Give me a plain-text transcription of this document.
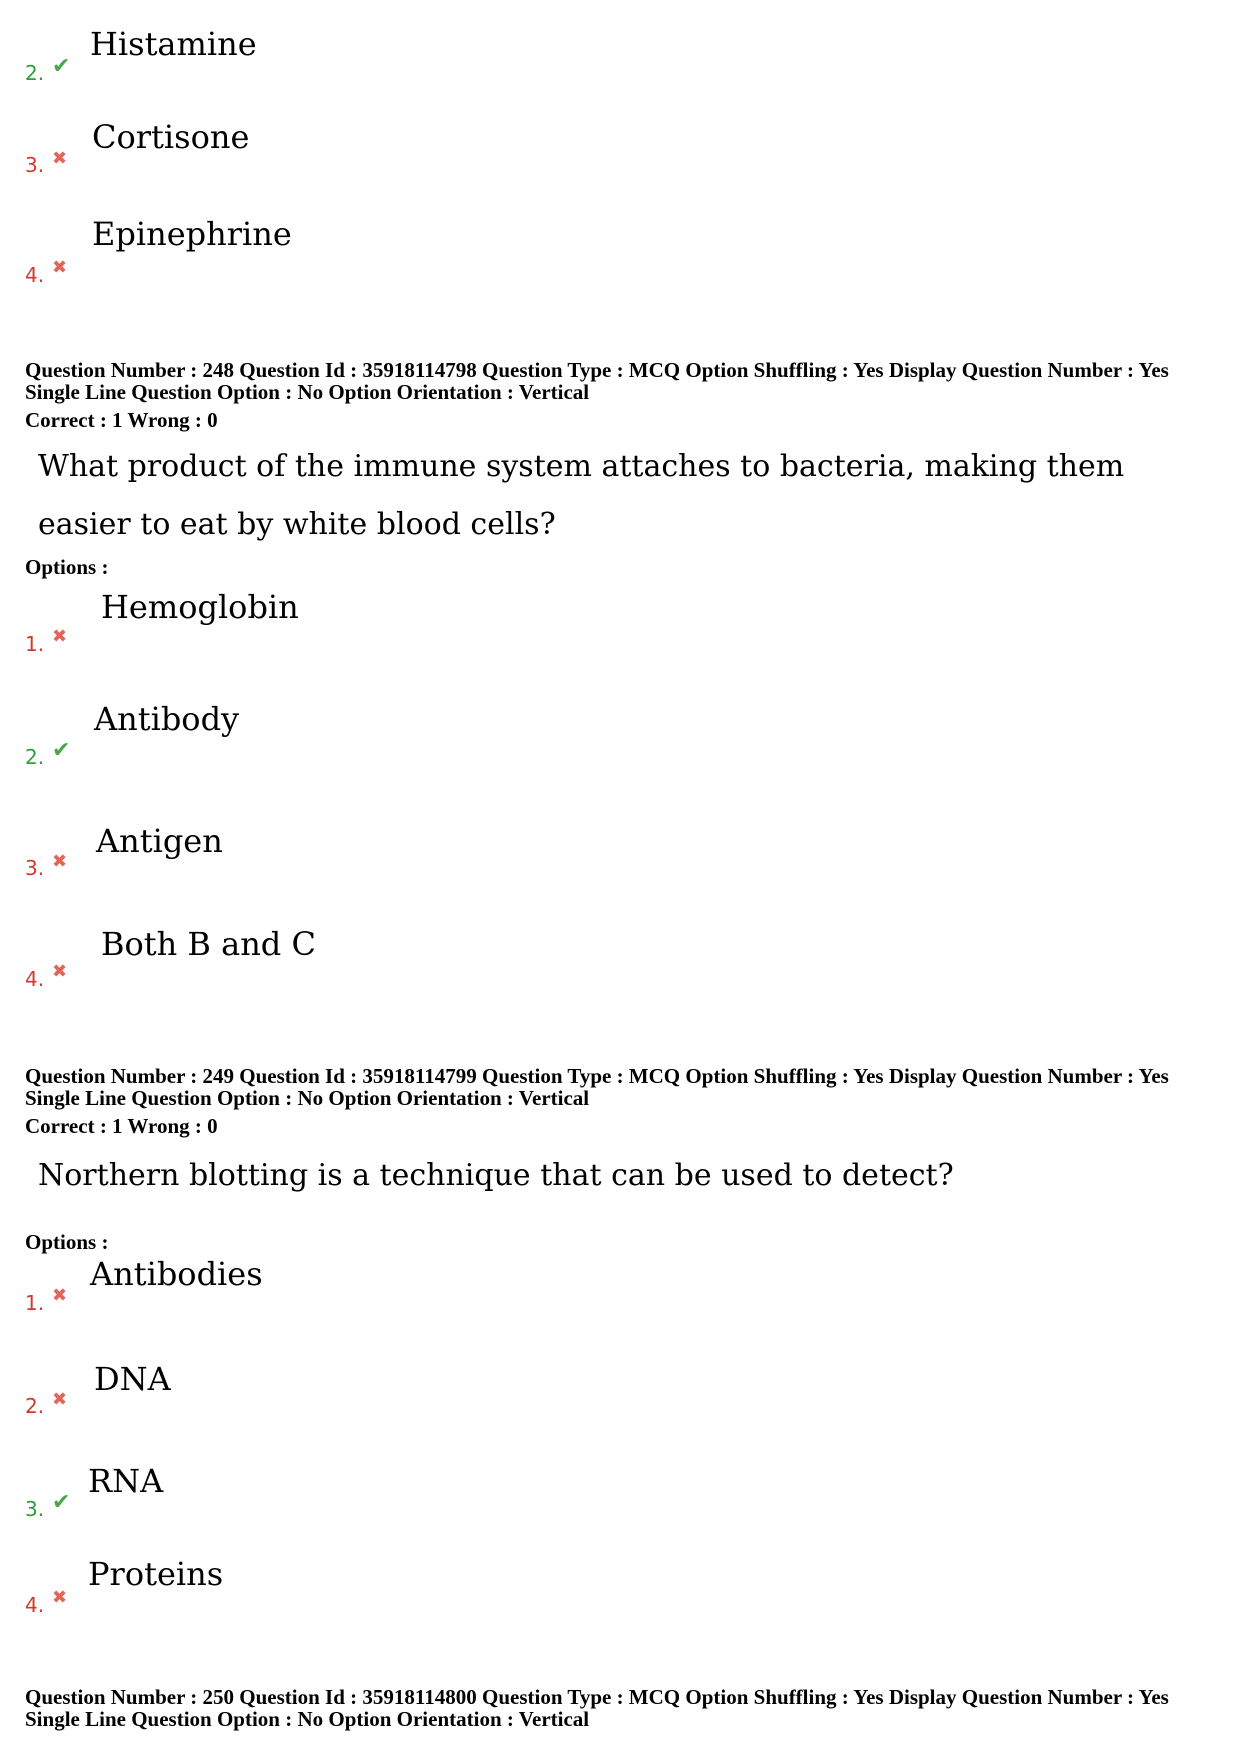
Histamine
2. ✔
Cortisone
3. ✖
Epinephrine
4. ✖
Question Number : 248 Question Id : 35918114798 Question Type : MCQ Option Shuffling : Yes Display Question Number : Yes
Single Line Question Option : No Option Orientation : Vertical
Correct : 1 Wrong : 0
What product of the immune system attaches to bacteria, making them easier to eat by white blood cells?
Options :
Hemoglobin
1. ✖
Antibody
2. ✔
Antigen
3. ✖
Both B and C
4. ✖
Question Number : 249 Question Id : 35918114799 Question Type : MCQ Option Shuffling : Yes Display Question Number : Yes
Single Line Question Option : No Option Orientation : Vertical
Correct : 1 Wrong : 0
Northern blotting is a technique that can be used to detect?
Options :
Antibodies
1. ✖
DNA
2. ✖
RNA
3. ✔
Proteins
4. ✖
Question Number : 250 Question Id : 35918114800 Question Type : MCQ Option Shuffling : Yes Display Question Number : Yes
Single Line Question Option : No Option Orientation : Vertical
